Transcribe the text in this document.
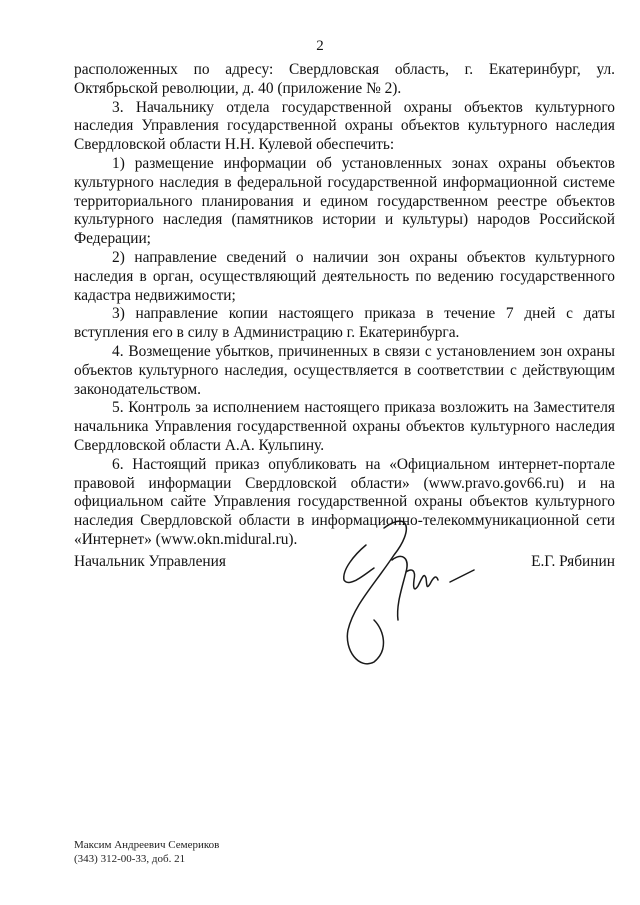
2

расположенных по адресу: Свердловская область, г. Екатеринбург, ул. Октябрьской революции, д. 40 (приложение № 2).

3. Начальнику отдела государственной охраны объектов культурного наследия Управления государственной охраны объектов культурного наследия Свердловской области Н.Н. Кулевой обеспечить:

1) размещение информации об установленных зонах охраны объектов культурного наследия в федеральной государственной информационной системе территориального планирования и едином государственном реестре объектов культурного наследия (памятников истории и культуры) народов Российской Федерации;

2) направление сведений о наличии зон охраны объектов культурного наследия в орган, осуществляющий деятельность по ведению государственного кадастра недвижимости;

3) направление копии настоящего приказа в течение 7 дней с даты вступления его в силу в Администрацию г. Екатеринбурга.

4. Возмещение убытков, причиненных в связи с установлением зон охраны объектов культурного наследия, осуществляется в соответствии с действующим законодательством.

5. Контроль за исполнением настоящего приказа возложить на Заместителя начальника Управления государственной охраны объектов культурного наследия Свердловской области А.А. Кульпину.

6. Настоящий приказ опубликовать на «Официальном интернет-портале правовой информации Свердловской области» (www.pravo.gov66.ru) и на официальном сайте Управления государственной охраны объектов культурного наследия Свердловской области в информационно-телекоммуникационной сети «Интернет» (www.okn.midural.ru).

Начальник Управления	Е.Г. Рябинин
Максим Андреевич Семериков
(343) 312-00-33, доб. 21
